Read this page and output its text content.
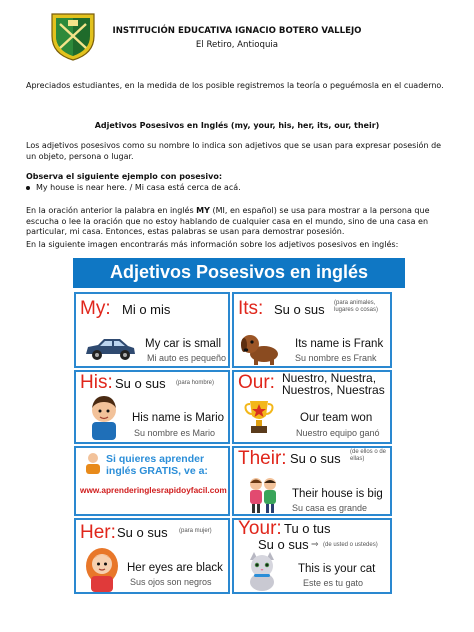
INSTITUCIÓN EDUCATIVA IGNACIO BOTERO VALLEJO
El Retiro, Antioquia
Apreciados estudiantes, en la medida de los posible registremos la teoría o peguémosla en el cuaderno.
Adjetivos Posesivos en Inglés (my, your, his, her, its, our, their)
Los adjetivos posesivos como su nombre lo indica son adjetivos que se usan para expresar posesión de un objeto, persona o lugar.
Observa el siguiente ejemplo con posesivo:
My house is near here. / Mi casa está cerca de acá.
En la oración anterior la palabra en inglés MY (MI, en español) se usa para mostrar a la persona que escucha o lee la oración que no estoy hablando de cualquier casa en el mundo, sino de una casa en particular, mi casa. Entonces, estas palabras se usan para demostrar posesión.
En la siguiente imagen encontrarás más información sobre los adjetivos posesivos en inglés:
Adjetivos Posesivos en inglés
My: Mi o mis
My car is small
Mi auto es pequeño
Its: Su o sus (para animales, lugares o cosas)
Its name is Frank
Su nombre es Frank
His: Su o sus (para hombre)
His name is Mario
Su nombre es Mario
Our: Nuestro, Nuestra, Nuestros, Nuestras
Our team won
Nuestro equipo ganó
Si quieres aprender
inglés GRATIS, ve a:
www.aprenderinglesrapidoyfacil.com
Their: Su o sus (de ellos o de ellas)
Their house is big
Su casa es grande
Her: Su o sus (para mujer)
Her eyes are black
Sus ojos son negros
Your: Tu o tus
Su o sus ⇒ (de usted o ustedes)
This is your cat
Este es tu gato
